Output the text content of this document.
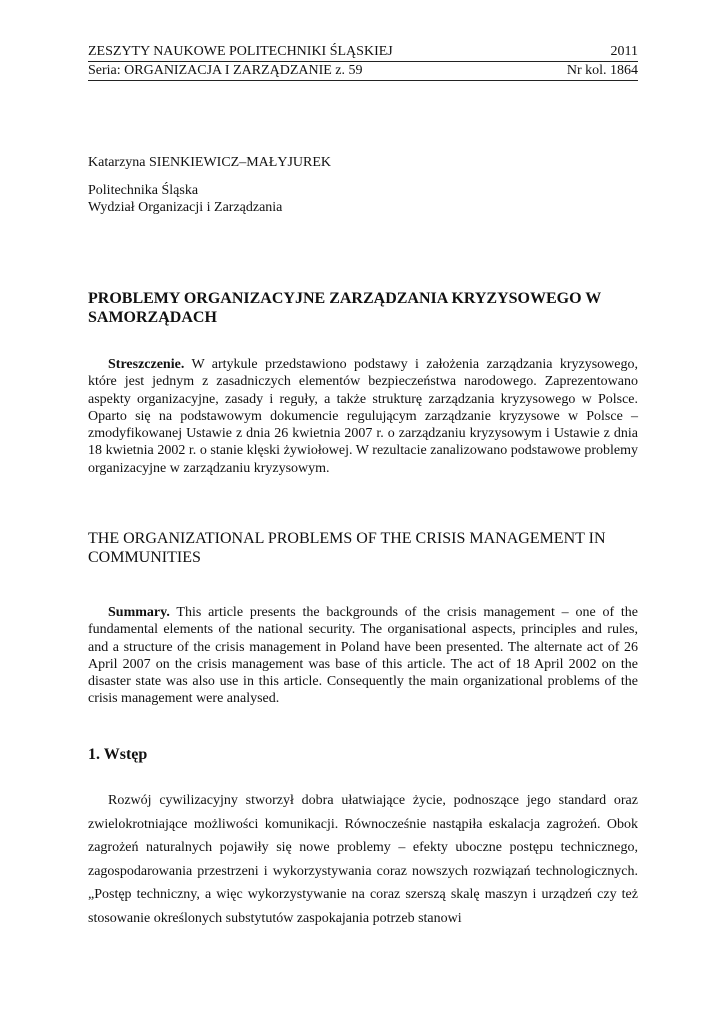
ZESZYTY NAUKOWE POLITECHNIKI ŚLĄSKIEJ	2011
Seria: ORGANIZACJA I ZARZĄDZANIE z. 59	Nr kol. 1864
Katarzyna SIENKIEWICZ–MAŁYJUREK
Politechnika Śląska
Wydział Organizacji i Zarządzania
PROBLEMY ORGANIZACYJNE ZARZĄDZANIA KRYZYSOWEGO W SAMORZĄDACH
Streszczenie. W artykule przedstawiono podstawy i założenia zarządzania kryzysowego, które jest jednym z zasadniczych elementów bezpieczeństwa narodowego. Zaprezentowano aspekty organizacyjne, zasady i reguły, a także strukturę zarządzania kryzysowego w Polsce. Oparto się na podstawowym dokumencie regulującym zarządzanie kryzysowe w Polsce – zmodyfikowanej Ustawie z dnia 26 kwietnia 2007 r. o zarządzaniu kryzysowym i Ustawie z dnia 18 kwietnia 2002 r. o stanie klęski żywiołowej. W rezultacie zanalizowano podstawowe problemy organizacyjne w zarządzaniu kryzysowym.
THE ORGANIZATIONAL PROBLEMS OF THE CRISIS MANAGEMENT IN COMMUNITIES
Summary. This article presents the backgrounds of the crisis management – one of the fundamental elements of the national security. The organisational aspects, principles and rules, and a structure of the crisis management in Poland have been presented. The alternate act of 26 April 2007 on the crisis management was base of this article. The act of 18 April 2002 on the disaster state was also use in this article. Consequently the main organizational problems of the crisis management were analysed.
1. Wstęp
Rozwój cywilizacyjny stworzył dobra ułatwiające życie, podnoszące jego standard oraz zwielokrotniające możliwości komunikacji. Równocześnie nastąpiła eskalacja zagrożeń. Obok zagrożeń naturalnych pojawiły się nowe problemy – efekty uboczne postępu technicznego, zagospodarowania przestrzeni i wykorzystywania coraz nowszych rozwiązań technologicznych. „Postęp techniczny, a więc wykorzystywanie na coraz szerszą skalę maszyn i urządzeń czy też stosowanie określonych substytutów zaspokajania potrzeb stanowi
